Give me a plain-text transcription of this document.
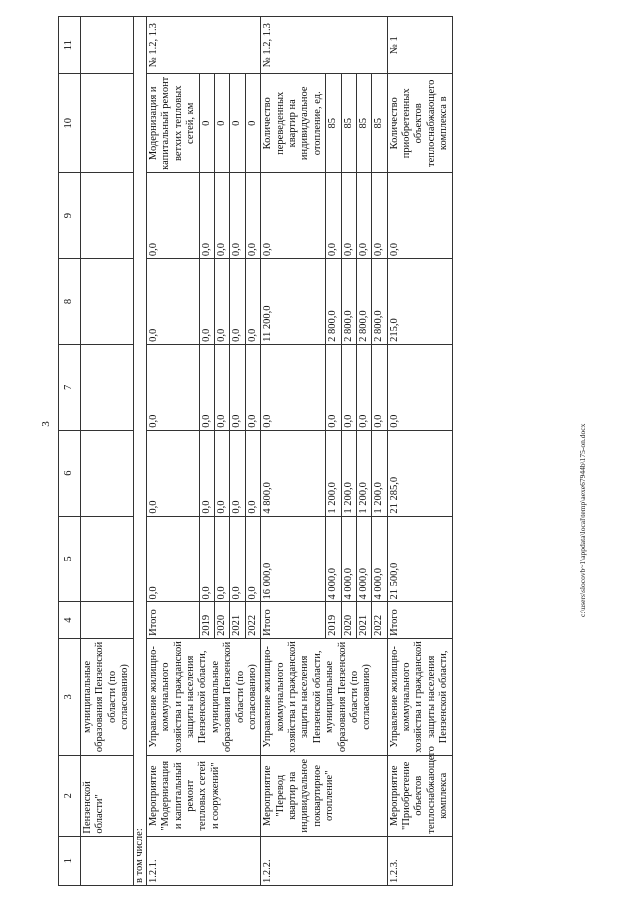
3	c:\users\slocovb~1\appdata\local\temp\aexe67944b\175-on.docx
1	2	3	4	5	6	7	8	9	10	11
	Пензенской области"	муниципальные образования Пензенской области (по согласованию)								
в том числе:										
1.2.1.	Мероприятие "Модернизация и капитальный ремонт тепловых сетей и сооружений"	Управление жилищно-коммунального хозяйства и гражданской защиты населения Пензенской области, муниципальные образования Пензенской области (по согласованию)	Итого	0,0	0,0	0,0	0,0	0,0	Модернизация и капитальный ремонт ветхих тепловых сетей, км	№ 1.2, 1.3
			2019	0,0	0,0	0,0	0,0	0,0	0	
			2020	0,0	0,0	0,0	0,0	0,0	0	
			2021	0,0	0,0	0,0	0,0	0,0	0	
			2022	0,0	0,0	0,0	0,0	0,0	0	
1.2.2.	Мероприятие "Перевод квартир на индивидуальное поквартирное отопление"	Управление жилищно-коммунального хозяйства и гражданской защиты населения Пензенской области, муниципальные образования Пензенской области (по согласованию)	Итого	16 000,0	4 800,0	0,0	11 200,0	0,0	Количество переведенных квартир на индивидуальное отопление, ед.	№ 1.2, 1.3
			2019	4 000,0	1 200,0	0,0	2 800,0	0,0	85	
			2020	4 000,0	1 200,0	0,0	2 800,0	0,0	85	
			2021	4 000,0	1 200,0	0,0	2 800,0	0,0	85	
			2022	4 000,0	1 200,0	0,0	2 800,0	0,0	85	
1.2.3.	Мероприятие "Приобретение объектов теплоснабжающего комплекса	Управление жилищно-коммунального хозяйства и гражданской защиты населения Пензенской области,	Итого	21 500,0	21 285,0	0,0	215,0	0,0	Количество приобретенных объектов теплоснабжающего комплекса в	№ 1
